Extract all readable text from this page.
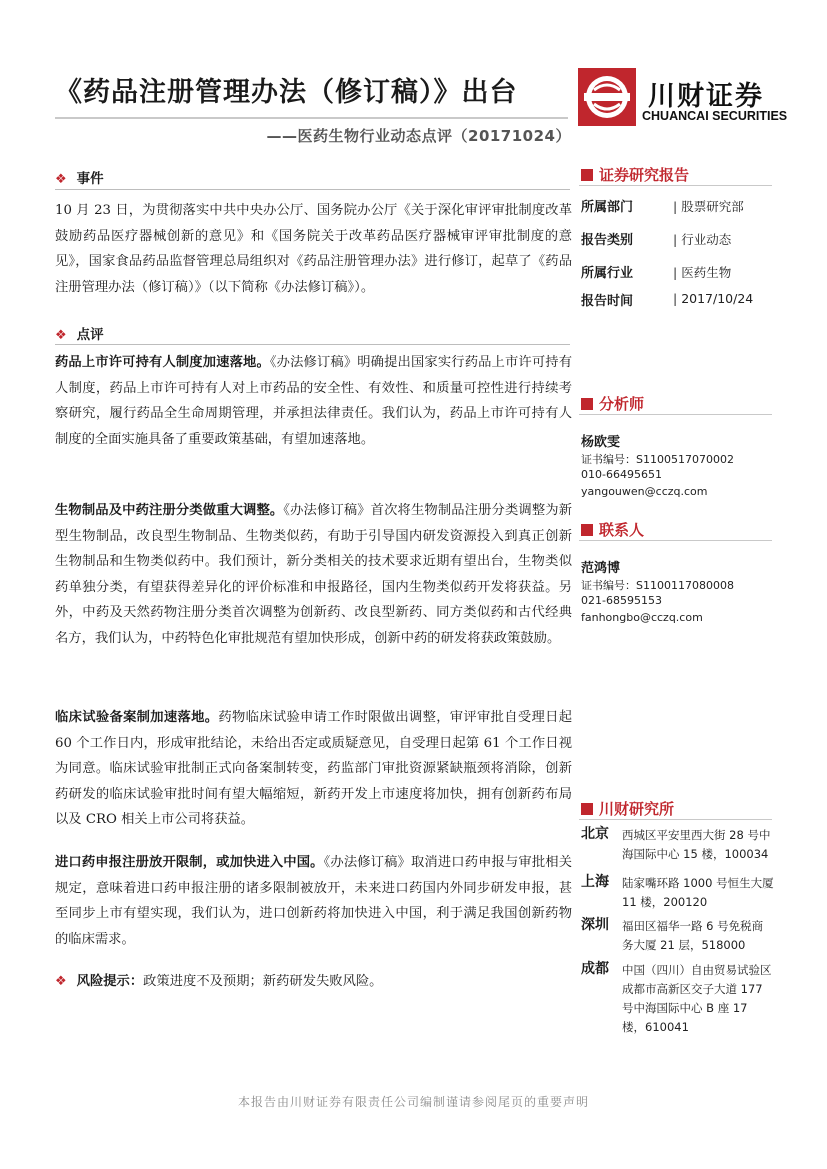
《药品注册管理办法（修订稿）》出台
——医药生物行业动态点评（20171024）
川财证券
CHUANCAI SECURITIES
❖ 事件
10 月 23 日，为贯彻落实中共中央办公厅、国务院办公厅《关于深化审评审批制度改革鼓励药品医疗器械创新的意见》和《国务院关于改革药品医疗器械审评审批制度的意见》，国家食品药品监督管理总局组织对《药品注册管理办法》进行修订，起草了《药品注册管理办法（修订稿）》（以下简称《办法修订稿》）。
❖ 点评
药品上市许可持有人制度加速落地。《办法修订稿》明确提出国家实行药品上市许可持有人制度，药品上市许可持有人对上市药品的安全性、有效性、和质量可控性进行持续考察研究，履行药品全生命周期管理，并承担法律责任。我们认为，药品上市许可持有人制度的全面实施具备了重要政策基础，有望加速落地。
生物制品及中药注册分类做重大调整。《办法修订稿》首次将生物制品注册分类调整为新型生物制品，改良型生物制品、生物类似药，有助于引导国内研发资源投入到真正创新生物制品和生物类似药中。我们预计，新分类相关的技术要求近期有望出台，生物类似药单独分类，有望获得差异化的评价标准和申报路径，国内生物类似药开发将获益。另外，中药及天然药物注册分类首次调整为创新药、改良型新药、同方类似药和古代经典名方，我们认为，中药特色化审批规范有望加快形成，创新中药的研发将获政策鼓励。
临床试验备案制加速落地。药物临床试验申请工作时限做出调整，审评审批自受理日起 60 个工作日内，形成审批结论，未给出否定或质疑意见，自受理日起第 61 个工作日视为同意。临床试验审批制正式向备案制转变，药监部门审批资源紧缺瓶颈将消除，创新药研发的临床试验审批时间有望大幅缩短，新药开发上市速度将加快，拥有创新药布局以及 CRO 相关上市公司将获益。
进口药申报注册放开限制，或加快进入中国。《办法修订稿》取消进口药申报与审批相关规定，意味着进口药申报注册的诸多限制被放开，未来进口药国内外同步研发申报，甚至同步上市有望实现，我们认为，进口创新药将加快进入中国，利于满足我国创新药物的临床需求。
❖ 风险提示：政策进度不及预期；新药研发失败风险。
证券研究报告
所属部门	| 股票研究部
报告类别	| 行业动态
所属行业	| 医药生物
报告时间	| 2017/10/24
分析师
杨欧雯
证书编号：S1100517070002
010-66495651
yangouwen@cczq.com
联系人
范鸿博
证书编号：S1100117080008
021-68595153
fanhongbo@cczq.com
川财研究所
北京 西城区平安里西大街 28 号中海国际中心 15 楼，100034
上海 陆家嘴环路 1000 号恒生大厦 11 楼，200120
深圳 福田区福华一路 6 号免税商务大厦 21 层，518000
成都 中国（四川）自由贸易试验区成都市高新区交子大道 177 号中海国际中心 B 座 17 楼，610041
本报告由川财证券有限责任公司编制谨请参阅尾页的重要声明
